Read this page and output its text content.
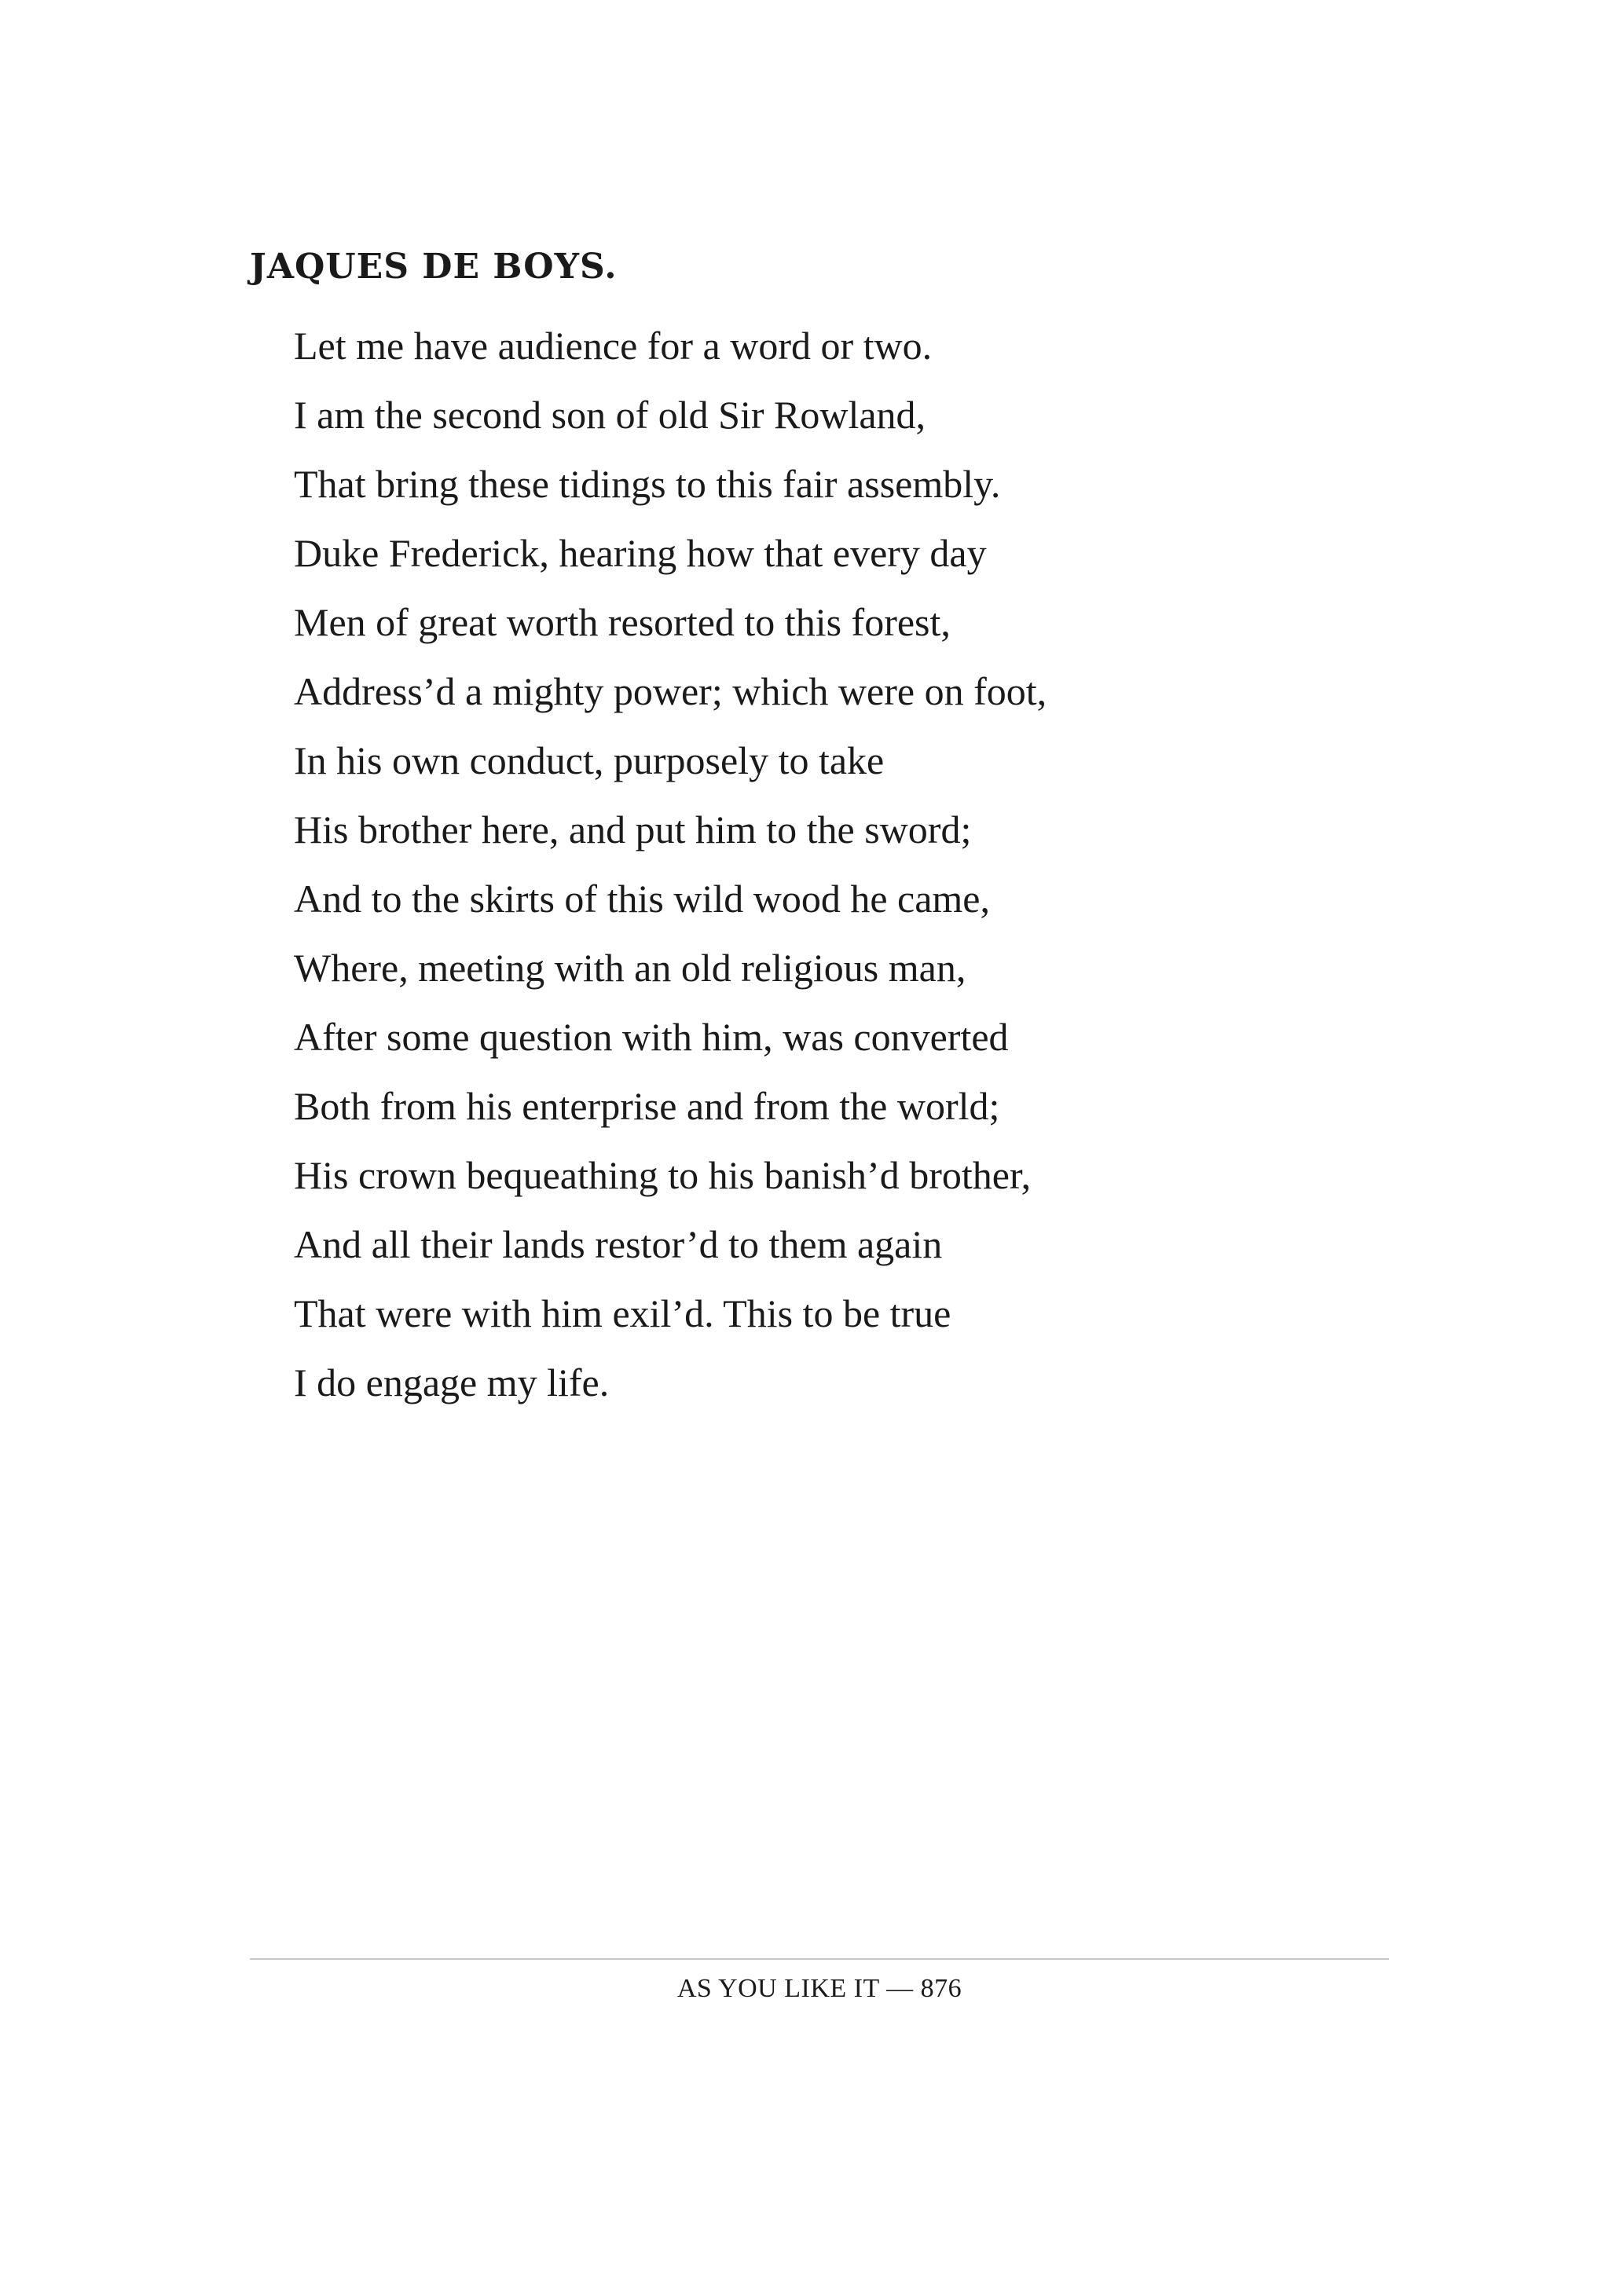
JAQUES DE BOYS.
Let me have audience for a word or two.
I am the second son of old Sir Rowland,
That bring these tidings to this fair assembly.
Duke Frederick, hearing how that every day
Men of great worth resorted to this forest,
Address’d a mighty power; which were on foot,
In his own conduct, purposely to take
His brother here, and put him to the sword;
And to the skirts of this wild wood he came,
Where, meeting with an old religious man,
After some question with him, was converted
Both from his enterprise and from the world;
His crown bequeathing to his banish’d brother,
And all their lands restor’d to them again
That were with him exil’d. This to be true
I do engage my life.
AS YOU LIKE IT — 876
